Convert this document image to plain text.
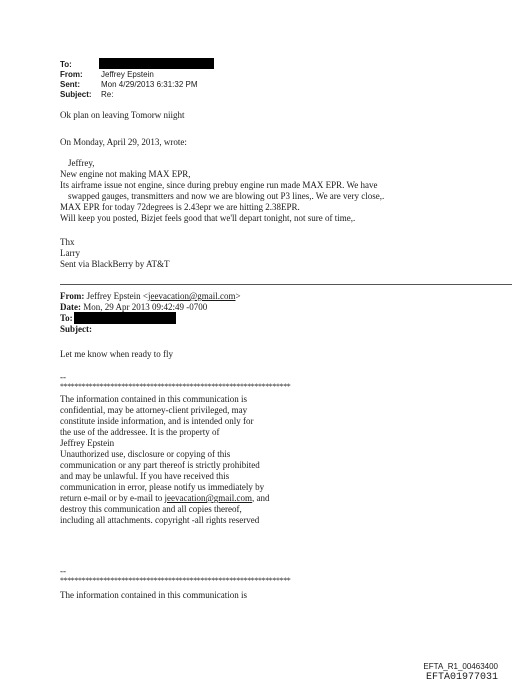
To:
From: Jeffrey Epstein
Sent:	Mon 4/29/2013 6:31:32 PM
Subject: Re:
Ok plan on leaving Tomorw niight
On Monday, April 29, 2013, wrote:
Jeffrey,
New engine not making MAX EPR,
Its airframe issue not engine, since during prebuy engine run made MAX EPR. We have
swapped gauges, transmitters and now we are blowing out P3 lines,. We are very close,.
MAX EPR for today 72degrees is 2.43epr we are hitting 2.38EPR.
Will keep you posted, Bizjet feels good that we'll depart tonight, not sure of time,.
Thx
Larry
Sent via BlackBerry by AT&T
From: Jeffrey Epstein <jeevacation@gmail.com>
Date: Mon, 29 Apr 2013 09:42:49 -0700
To:
Subject:
Let me know when ready to fly
--
****************************************************************
The information contained in this communication is
confidential, may be attorney-client privileged, may
constitute inside information, and is intended only for
the use of the addressee. It is the property of
Jeffrey Epstein
Unauthorized use, disclosure or copying of this
communication or any part thereof is strictly prohibited
and may be unlawful. If you have received this
communication in error, please notify us immediately by
return e-mail or by e-mail to jeevacation@gmail.com, and
destroy this communication and all copies thereof,
including all attachments. copyright -all rights reserved
--
****************************************************************
The information contained in this communication is
EFTA_R1_00463400
EFTA01977031
